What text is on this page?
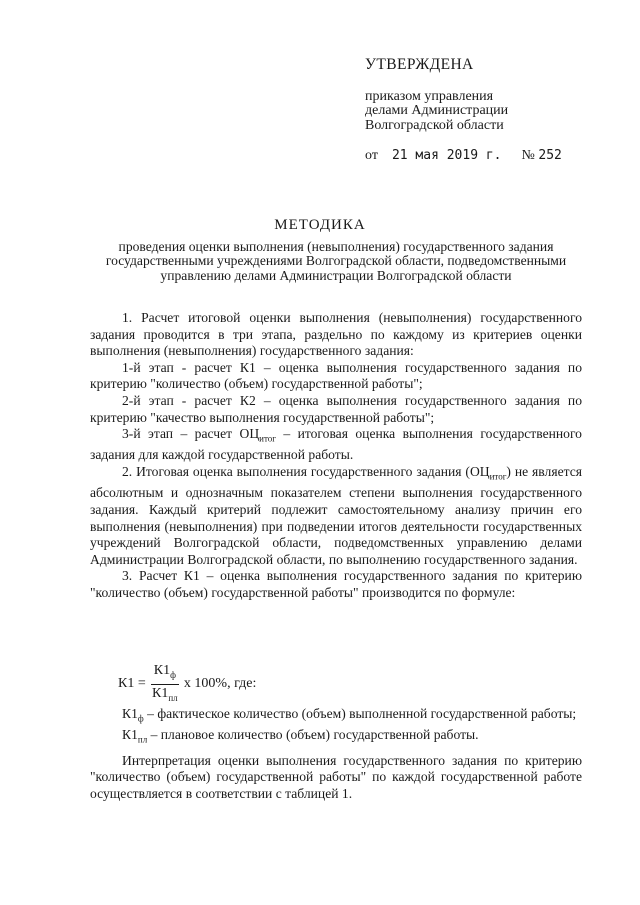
УТВЕРЖДЕНА
приказом управления
делами Администрации
Волгоградской области
от 21 мая 2019 г. № 252
МЕТОДИКА
проведения оценки выполнения (невыполнения) государственного задания
государственными учреждениями Волгоградской области, подведомственными
управлению делами Администрации Волгоградской области

1. Расчет итоговой оценки выполнения (невыполнения) государственного задания проводится в три этапа, раздельно по каждому из критериев оценки выполнения (невыполнения) государственного задания:

1-й этап - расчет К1 – оценка выполнения государственного задания по критерию "количество (объем) государственной работы";

2-й этап - расчет К2 – оценка выполнения государственного задания по критерию "качество выполнения государственной работы";

3-й этап – расчет $ОЦ_{итог}$ – итоговая оценка выполнения государственного задания для каждой государственной работы.

2. Итоговая оценка выполнения государственного задания $(ОЦ_{итог})$ не является абсолютным и однозначным показателем степени выполнения государственного задания. Каждый критерий подлежит самостоятельному анализу причин его выполнения (невыполнения) при подведении итогов деятельности государственных учреждений Волгоградской области, подведомственных управлению делами Администрации Волгоградской области, по выполнению государственного задания.

3. Расчет К1 – оценка выполнения государственного задания по критерию "количество (объем) государственной работы" производится по формуле:

$К1 = \frac{К1_ф}{К1_{пл}}$ x 100%, где:

$К1_ф$ – фактическое количество (объем) выполненной государственной работы;

$К1_{пл}$ – плановое количество (объем) государственной работы.

Интерпретация оценки выполнения государственного задания по критерию "количество (объем) государственной работы" по каждой государственной работе осуществляется в соответствии с таблицей 1.
